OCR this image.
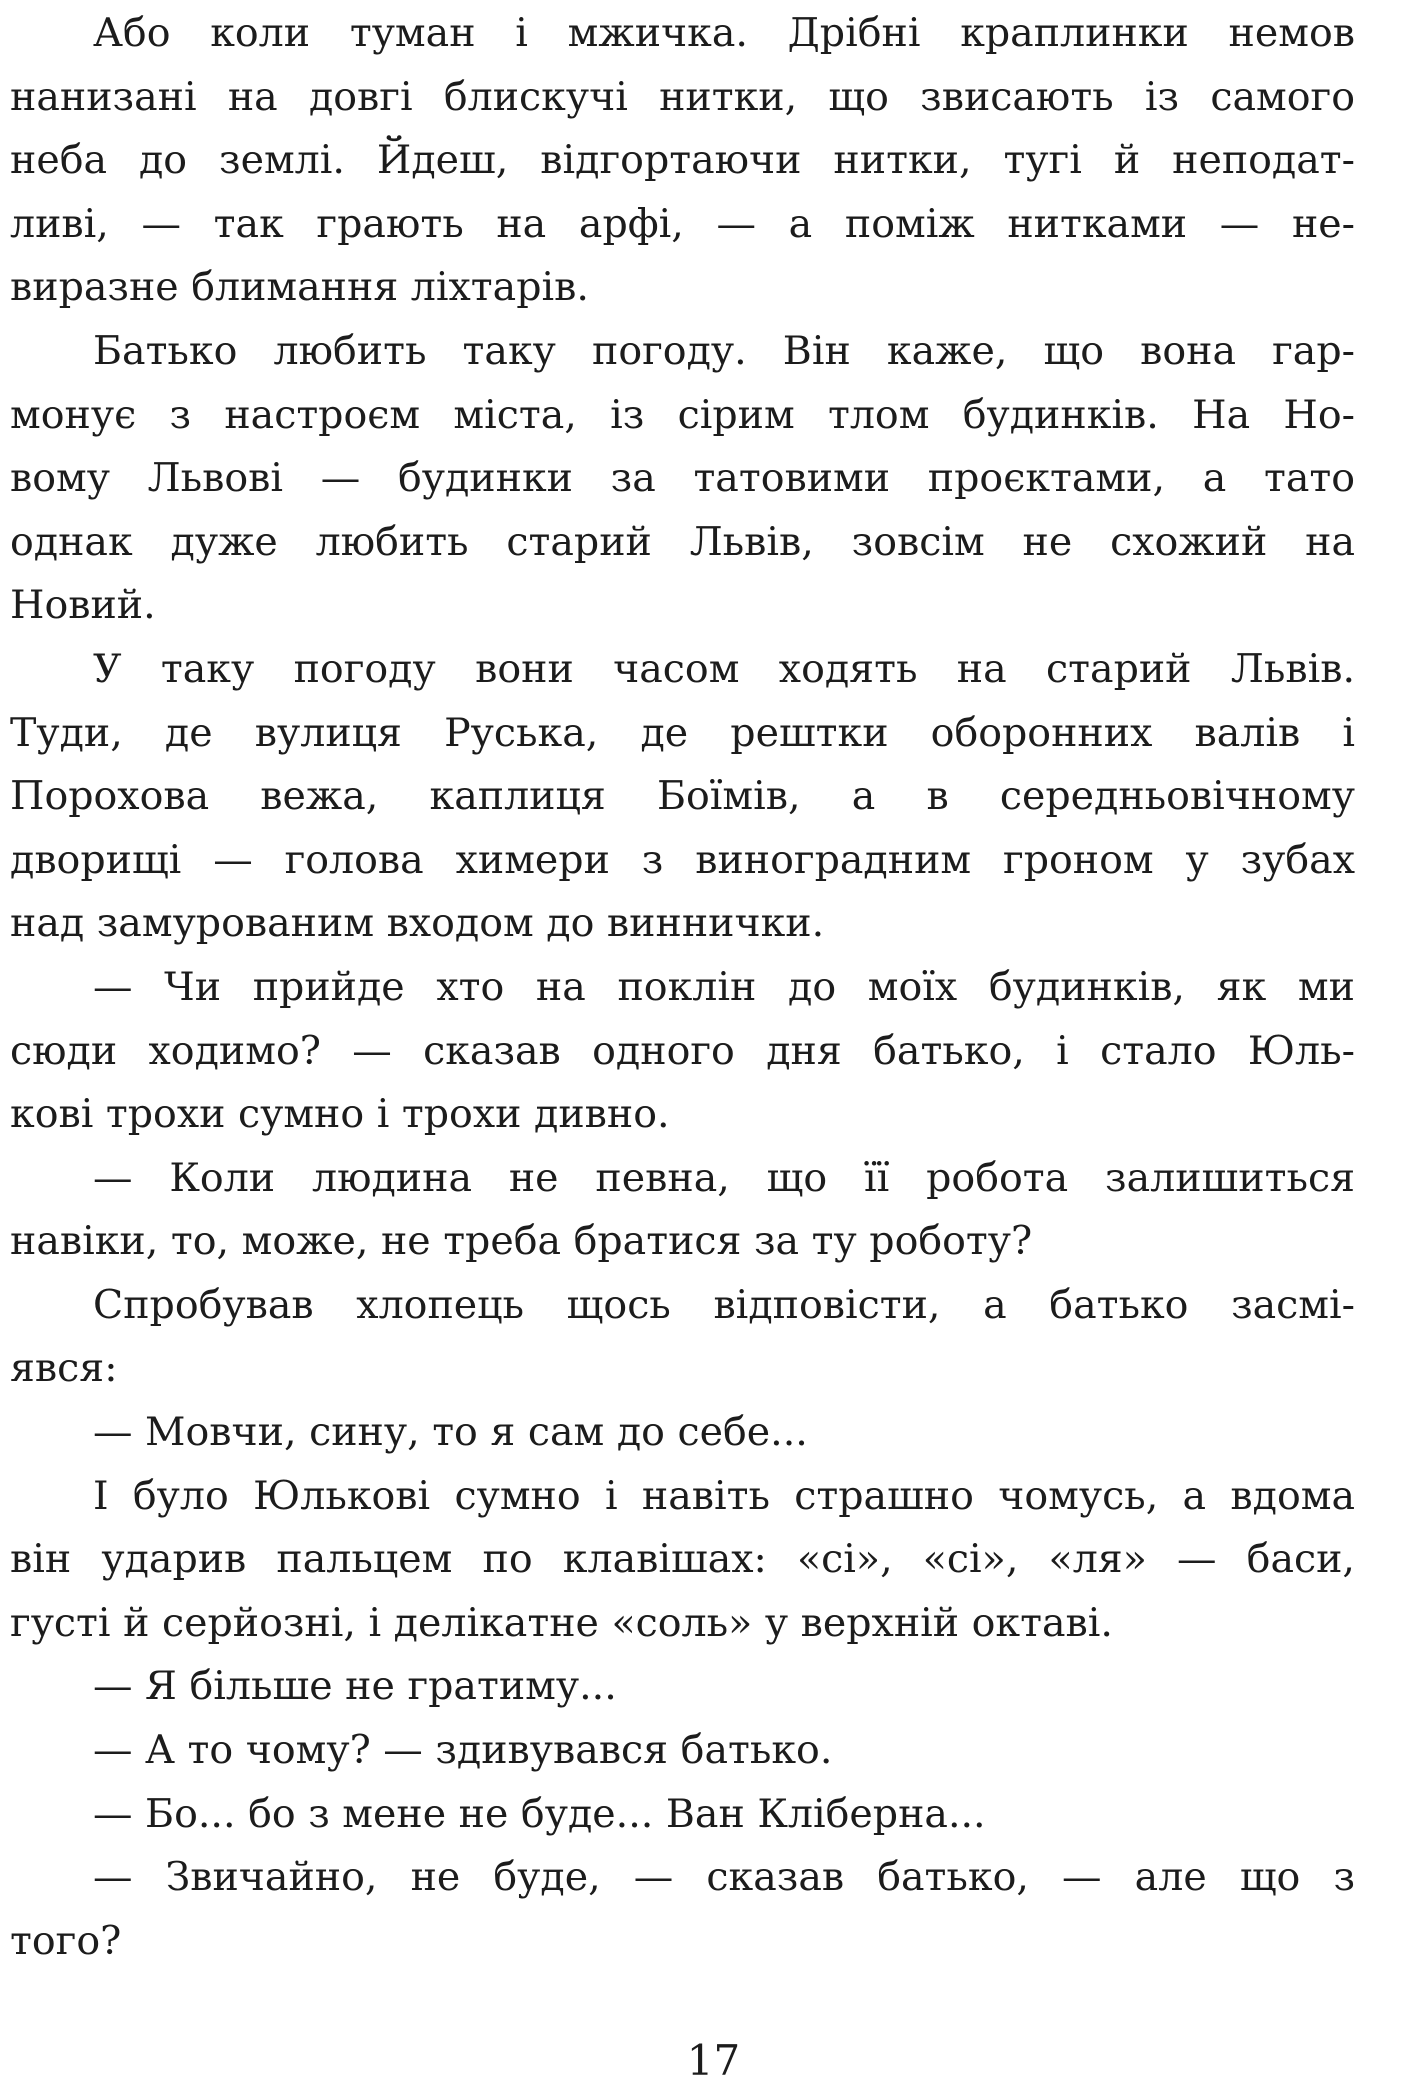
Або коли туман і мжичка. Дрібні краплинки немов
нанизані на довгі блискучі нитки, що звисають із самого
неба до землі. Йдеш, відгортаючи нитки, тугі й неподат-
ливі, — так грають на арфі, — а поміж нитками — не-
виразне блимання ліхтарів.
Батько любить таку погоду. Він каже, що вона гар-
монує з настроєм міста, із сірим тлом будинків. На Но-
вому Львові — будинки за татовими проєктами, а тато
однак дуже любить старий Львів, зовсім не схожий на
Новий.
У таку погоду вони часом ходять на старий Львів.
Туди, де вулиця Руська, де рештки оборонних валів і
Порохова вежа, каплиця Боїмів, а в середньовічному
дворищі — голова химери з виноградним гроном у зубах
над замурованим входом до виннички.
— Чи прийде хто на поклін до моїх будинків, як ми
сюди ходимо? — сказав одного дня батько, і стало Юль-
кові трохи сумно і трохи дивно.
— Коли людина не певна, що її робота залишиться
навіки, то, може, не треба братися за ту роботу?
Спробував хлопець щось відповісти, а батько засмі-
явся:
— Мовчи, сину, то я сам до себе...
І було Юлькові сумно і навіть страшно чомусь, а вдома
він ударив пальцем по клавішах: «сі», «сі», «ля» — баси,
густі й серйозні, і делікатне «соль» у верхній октаві.
— Я більше не гратиму...
— А то чому? — здивувався батько.
— Бо... бо з мене не буде... Ван Кліберна...
— Звичайно, не буде, — сказав батько, — але що з
того?
17
